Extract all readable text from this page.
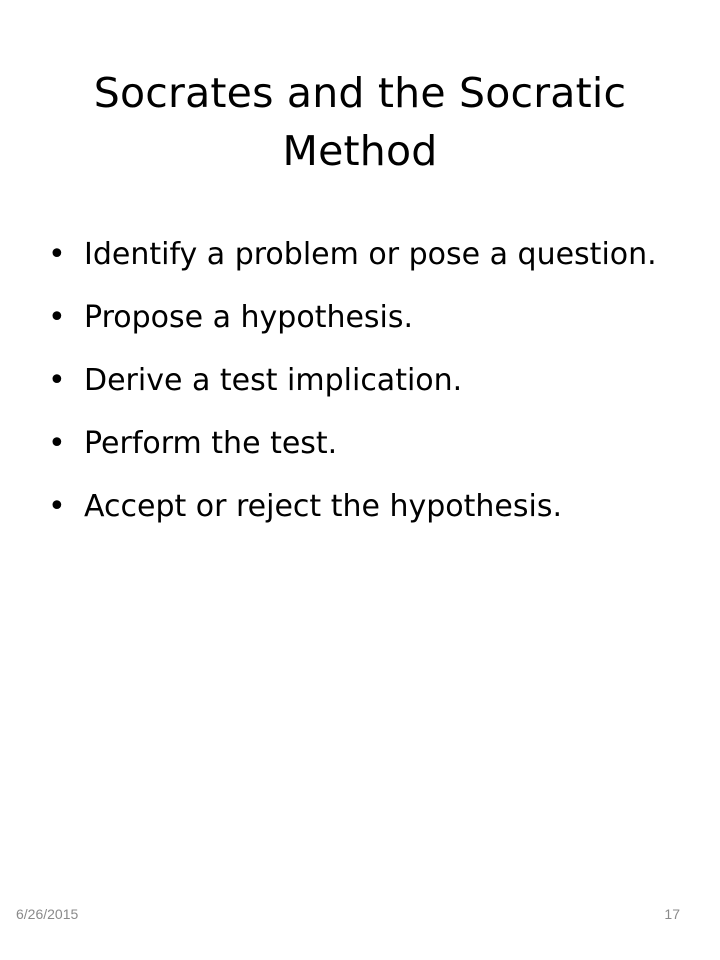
Socrates and the Socratic Method
• Identify a problem or pose a question.
• Propose a hypothesis.
• Derive a test implication.
• Perform the test.
• Accept or reject the hypothesis.
6/26/2015	17
